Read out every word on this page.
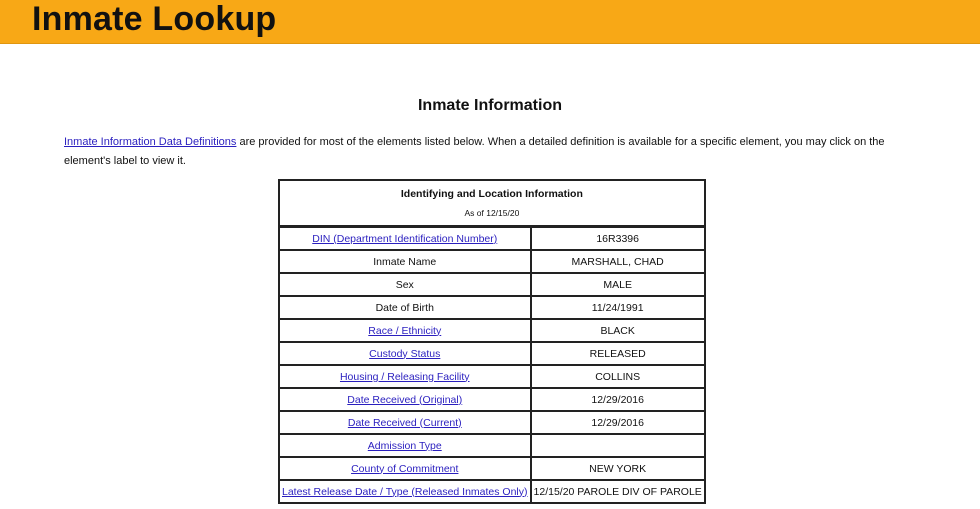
Inmate Lookup
Inmate Information
Inmate Information Data Definitions are provided for most of the elements listed below. When a detailed definition is available for a specific element, you may click on the element's label to view it.
Identifying and Location Information
As of 12/15/20	

DIN (Department Identification Number)	16R3396
Inmate Name	MARSHALL, CHAD
Sex	MALE
Date of Birth	11/24/1991
Race / Ethnicity	BLACK
Custody Status	RELEASED
Housing / Releasing Facility	COLLINS
Date Received (Original)	12/29/2016
Date Received (Current)	12/29/2016
Admission Type	
County of Commitment	NEW YORK
Latest Release Date / Type (Released Inmates Only)	12/15/20 PAROLE DIV OF PAROLE
